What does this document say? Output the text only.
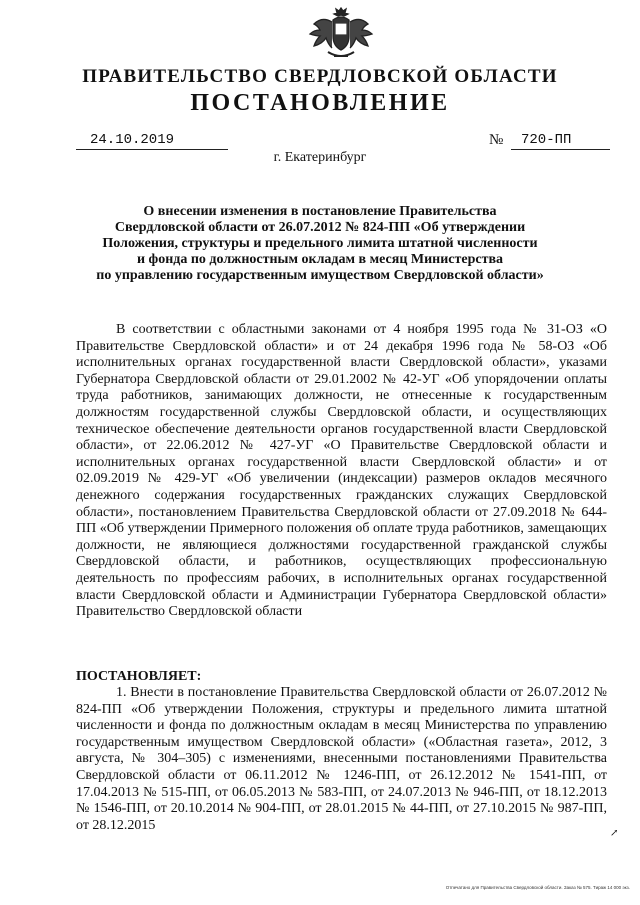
ПРАВИТЕЛЬСТВО СВЕРДЛОВСКОЙ ОБЛАСТИ
ПОСТАНОВЛЕНИЕ
24.10.2019	№	720-ПП
г. Екатеринбург
О внесении изменения в постановление Правительства
Свердловской области от 26.07.2012 № 824-ПП «Об утверждении
Положения, структуры и предельного лимита штатной численности
и фонда по должностным окладам в месяц Министерства
по управлению государственным имуществом Свердловской области»

В соответствии с областными законами от 4 ноября 1995 года № 31-ОЗ «О Правительстве Свердловской области» и от 24 декабря 1996 года № 58-ОЗ «Об исполнительных органах государственной власти Свердловской области», указами Губернатора Свердловской области от 29.01.2002 № 42-УГ «Об упорядочении оплаты труда работников, занимающих должности, не отнесенные к государственным должностям государственной службы Свердловской области, и осуществляющих техническое обеспечение деятельности органов государственной власти Свердловской области», от 22.06.2012 № 427-УГ «О Правительстве Свердловской области и исполнительных органах государственной власти Свердловской области» и от 02.09.2019 № 429-УГ «Об увеличении (индексации) размеров окладов месячного денежного содержания государственных гражданских служащих Свердловской области», постановлением Правительства Свердловской области от 27.09.2018 № 644-ПП «Об утверждении Примерного положения об оплате труда работников, замещающих должности, не являющиеся должностями государственной гражданской службы Свердловской области, и работников, осуществляющих профессиональную деятельность по профессиям рабочих, в исполнительных органах государственной власти Свердловской области и Администрации Губернатора Свердловской области» Правительство Свердловской области

ПОСТАНОВЛЯЕТ:

1. Внести в постановление Правительства Свердловской области от 26.07.2012 № 824-ПП «Об утверждении Положения, структуры и предельного лимита штатной численности и фонда по должностным окладам в месяц Министерства по управлению государственным имуществом Свердловской области» («Областная газета», 2012, 3 августа, № 304–305) с изменениями, внесенными постановлениями Правительства Свердловской области от 06.11.2012 № 1246-ПП, от 26.12.2012 № 1541-ПП, от 17.04.2013 № 515-ПП, от 06.05.2013 № 583-ПП, от 24.07.2013 № 946-ПП, от 18.12.2013 № 1546-ПП, от 20.10.2014 № 904-ПП, от 28.01.2015 № 44-ПП, от 27.10.2015 № 987-ПП, от 28.12.2015

↗
Отпечатано для Правительства Свердловской области. Заказ № 575. Тираж 14 000 экз.
